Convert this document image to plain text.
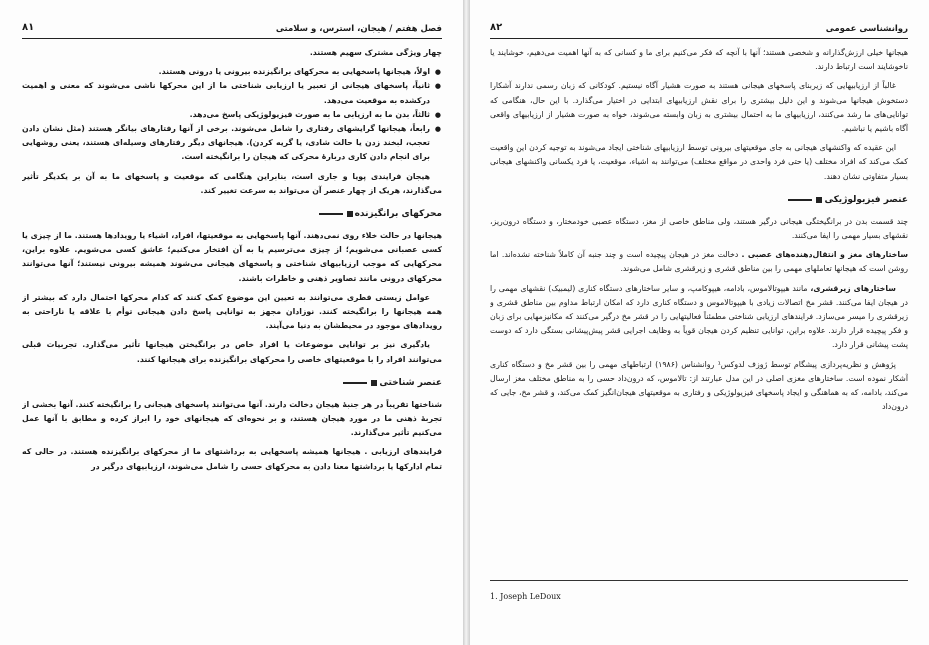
فصل هفتم / هیجان، استرس، و سلامتی
۸۱

چهار ویژگی مشترک سهیم هستند.

● اولاً، هیجانها پاسخهایی به محرکهای برانگیزنده بیرونی یا درونی هستند.
● ثانیاً، پاسخهای هیجانی از تعبیر یا ارزیابی شناختی ما از این محرکها ناشی می‌شوند که معنی و اهمیت درکشده به موقعیت می‌دهد.
● ثالثاً، بدن ما به ارزیابی ما به صورت فیزیولوژیکی پاسخ می‌دهد.
● رابعاً، هیجانها گرایشهای رفتاری را شامل می‌شوند. برخی از آنها رفتارهای بیانگر هستند (مثل نشان دادن تعجب، لبخند زدن یا حالت شادی، یا گریه کردن). هیجانهای دیگر رفتارهای وسیله‌ای هستند، یعنی روشهایی برای انجام دادن کاری دربارهٔ محرکی که هیجان را برانگیخته است.

هیجان فرایندی پویا و جاری است، بنابراین هنگامی که موقعیت و پاسخهای ما به آن بر یکدیگر تأثیر می‌گذارند، هریک از چهار عنصر آن می‌تواند به سرعت تغییر کند.

محرکهای برانگیزنده

هیجانها در حالت خلاء روی نمی‌دهند. آنها پاسخهایی به موقعیتها، افراد، اشیاء یا رویدادها هستند. ما از چیزی یا کسی عصبانی می‌شویم؛ از چیزی می‌ترسیم یا به آن افتخار می‌کنیم؛ عاشق کسی می‌شویم. علاوه براین، محرکهایی که موجب ارزیابیهای شناختی و پاسخهای هیجانی می‌شوند همیشه بیرونی نیستند؛ آنها می‌توانند محرکهای درونی مانند تصاویر ذهنی و خاطرات باشند.

عوامل زیستی فطری می‌توانند به تعیین این موضوع کمک کنند که کدام محرکها احتمال دارد که بیشتر از همه هیجانها را برانگیخته کنند. نوزادان مجهز به توانایی پاسخ دادن هیجانی توأم با علاقه یا ناراحتی به رویدادهای موجود در محیطشان به دنیا می‌آیند.

یادگیری نیز بر توانایی موضوعات یا افراد خاص در برانگیختن هیجانها تأثیر می‌گذارد. تجربیات قبلی می‌توانند افراد را با موقعیتهای خاصی را محرکهای برانگیزنده برای هیجانها کنند.

عنصر شناختی

شناختها تقریباً در هر جنبهٔ هیجان دخالت دارند. آنها می‌توانند پاسخهای هیجانی را برانگیخته کنند. آنها بخشی از تجربهٔ ذهنی ما در مورد هیجان هستند، و بر نحوه‌ای که هیجانهای خود را ابراز کرده و مطابق با آنها عمل می‌کنیم تأثیر می‌گذارند.

فرایندهای ارزیابی . هیجانها همیشه پاسخهایی به برداشتهای ما از محرکهای برانگیزنده هستند. در حالی که تمام ادارکها یا برداشتها معنا دادن به محرکهای حسی را شامل می‌شوند، ارزیابیهای درگیر در

روانشناسی عمومی
۸۲

هیجانها خیلی ارزش‌گذارانه و شخصی هستند؛ آنها با آنچه که فکر می‌کنیم برای ما و کسانی که به آنها اهمیت می‌دهیم، خوشایند یا ناخوشایند است ارتباط دارند.

غالباً از ارزیابیهایی که زیربنای پاسخهای هیجانی هستند به صورت هشیار آگاه نیستیم. کودکانی که زبان رسمی ندارند آشکارا دستخوش هیجانها می‌شوند و این دلیل بیشتری را برای نقش ارزیابیهای ابتدایی در اختیار می‌گذارد. با این حال، هنگامی که توانایی‌های ما رشد می‌کنند، ارزیابیهای ما به احتمال بیشتری به زبان وابسته می‌شوند، خواه به صورت هشیار از ارزیابیهای واقعی آگاه باشیم یا نباشیم.

این عقیده که واکنشهای هیجانی به جای موقعیتهای بیرونی توسط ارزیابیهای شناختی ایجاد می‌شوند به توجیه کردن این واقعیت کمک می‌کند که افراد مختلف (یا حتی فرد واحدی در مواقع مختلف) می‌توانند به اشیاء، موقعیت، یا فرد یکسانی واکنشهای هیجانی بسیار متفاوتی نشان دهند.

عنصر فیزیولوژیکی

چند قسمت بدن در برانگیختگی هیجانی درگیر هستند، ولی مناطق خاصی از مغز، دستگاه عصبی خودمختار، و دستگاه درون‌ریز، نقشهای بسیار مهمی را ایفا می‌کنند.

ساختارهای مغز و انتقال‌دهنده‌های عصبی . دخالت مغز در هیجان پیچیده است و چند جنبه آن کاملاً شناخته نشده‌اند. اما روشن است که هیجانها تعاملهای مهمی را بین مناطق قشری و زیرقشری شامل می‌شوند.

ساختارهای زیرقشری، مانند هیپوتالاموس، بادامه، هیپوکامپ، و سایر ساختارهای دستگاه کناری (لیمبیک) نقشهای مهمی را در هیجان ایفا می‌کنند. قشر مخ اتصالات زیادی با هیپوتالاموس و دستگاه کناری دارد که امکان ارتباط مداوم بین مناطق قشری و زیرقشری را میسر می‌سازد. فرایندهای ارزیابی شناختی مطمئناً فعالیتهایی را در قشر مخ درگیر می‌کنند که مکانیزمهایی برای زبان و فکر پیچیده قرار دارند. علاوه براین، توانایی تنظیم کردن هیجان قویاً به وظایف اجرایی قشر پیش‌پیشانی بستگی دارد که دوست پشت پیشانی قرار دارد.

پژوهش و نظریه‌پردازی پیشگام توسط ژوزف لدوکس¹ روانشناس (۱۹۸۶) ارتباطهای مهمی را بین قشر مخ و دستگاه کناری آشکار نموده است. ساختارهای مغزی اصلی در این مدل عبارتند از: تالاموس، که درون‌داد حسی را به مناطق مختلف مغز ارسال می‌کند، بادامه، که به هماهنگی و ایجاد پاسخهای فیزیولوژیکی و رفتاری به موقعیتهای هیجان‌انگیز کمک می‌کند، و قشر مخ، جایی که درون‌داد

1. Joseph LeDoux
